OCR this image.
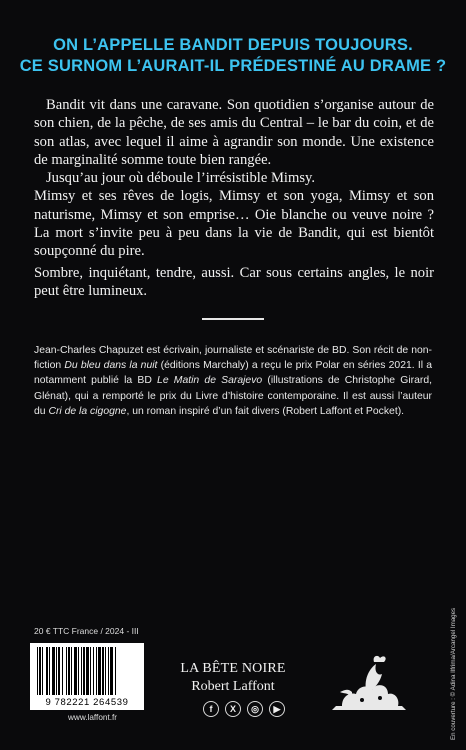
ON L’APPELLE BANDIT DEPUIS TOUJOURS.
CE SURNOM L’AURAIT-IL PRÉDESTINÉ AU DRAME ?

Bandit vit dans une caravane. Son quotidien s’organise autour de son chien, de la pêche, de ses amis du Central – le bar du coin, et de son atlas, avec lequel il aime à agrandir son monde. Une existence de marginalité somme toute bien rangée.

Jusqu’au jour où déboule l’irrésistible Mimsy.

Mimsy et ses rêves de logis, Mimsy et son yoga, Mimsy et son naturisme, Mimsy et son emprise… Oie blanche ou veuve noire ? La mort s’invite peu à peu dans la vie de Bandit, qui est bientôt soupçonné du pire.

Sombre, inquiétant, tendre, aussi. Car sous certains angles, le noir peut être lumineux.

Jean-Charles Chapuzet est écrivain, journaliste et scénariste de BD. Son récit de non-fiction Du bleu dans la nuit (éditions Marchaly) a reçu le prix Polar en séries 2021. Il a notamment publié la BD Le Matin de Sarajevo (illustrations de Christophe Girard, Glénat), qui a remporté le prix du Livre d’histoire contemporaine. Il est aussi l’auteur du Cri de la cigogne, un roman inspiré d’un fait divers (Robert Laffont et Pocket).
20 € TTC France / 2024 - III
9 782221 264539
www.laffont.fr
LA BÊTE NOIRE
Robert Laffont
f	X	◎	▶	En couverture : © Adina Ilfrima/Arcangel Images
